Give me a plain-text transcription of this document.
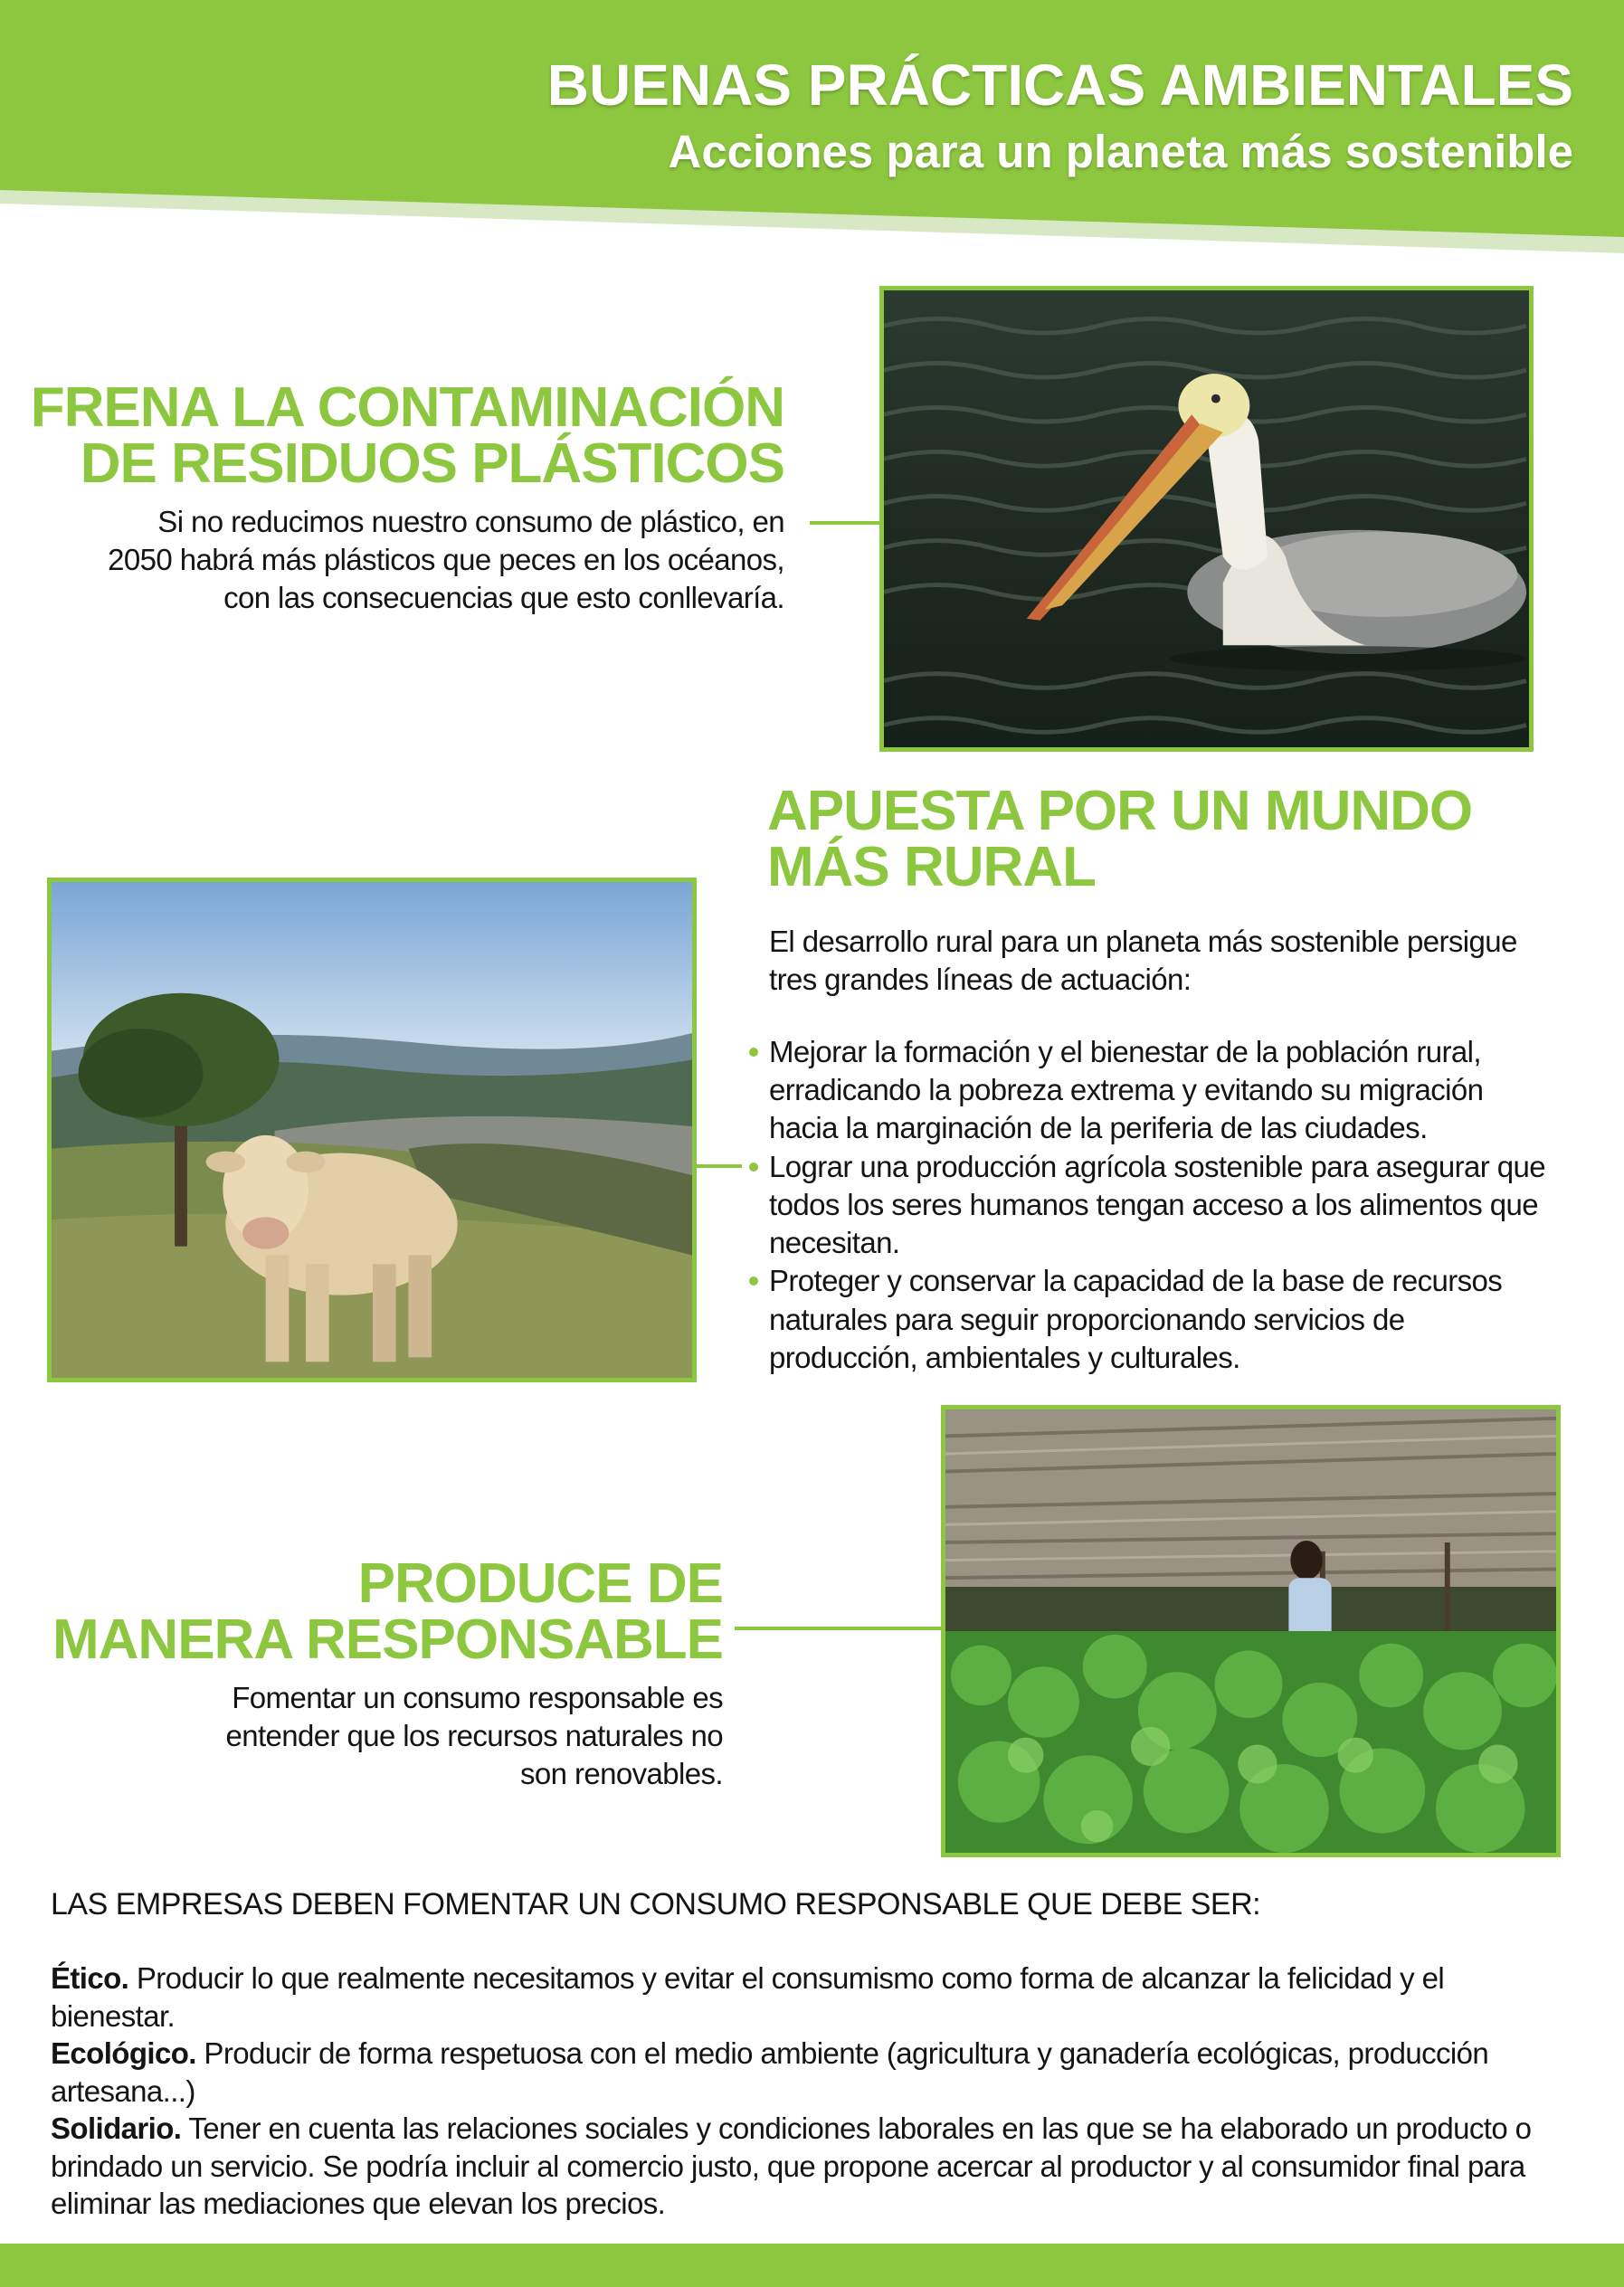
BUENAS PRÁCTICAS AMBIENTALES
Acciones para un planeta más sostenible
FRENA LA CONTAMINACIÓN
DE RESIDUOS PLÁSTICOS
Si no reducimos nuestro consumo de plástico, en
2050 habrá más plásticos que peces en los océanos,
con las consecuencias que esto conllevaría.
APUESTA POR UN MUNDO
MÁS RURAL
El desarrollo rural para un planeta más sostenible persigue
tres grandes líneas de actuación:
Mejorar la formación y el bienestar de la población rural, erradicando la pobreza extrema y evitando su migración hacia la marginación de la periferia de las ciudades.
Lograr una producción agrícola sostenible para asegurar que todos los seres humanos tengan acceso a los alimentos que necesitan.
Proteger y conservar la capacidad de la base de recursos naturales para seguir proporcionando servicios de producción, ambientales y culturales.
PRODUCE DE
MANERA RESPONSABLE
Fomentar un consumo responsable es
entender que los recursos naturales no
son renovables.

LAS EMPRESAS DEBEN FOMENTAR UN CONSUMO RESPONSABLE QUE DEBE SER:

Ético. Producir lo que realmente necesitamos y evitar el consumismo como forma de alcanzar la felicidad y el bienestar.

Ecológico. Producir de forma respetuosa con el medio ambiente (agricultura y ganadería ecológicas, producción artesana...)

Solidario. Tener en cuenta las relaciones sociales y condiciones laborales en las que se ha elaborado un producto o brindado un servicio. Se podría incluir al comercio justo, que propone acercar al productor y al consumidor final para eliminar las mediaciones que elevan los precios.
